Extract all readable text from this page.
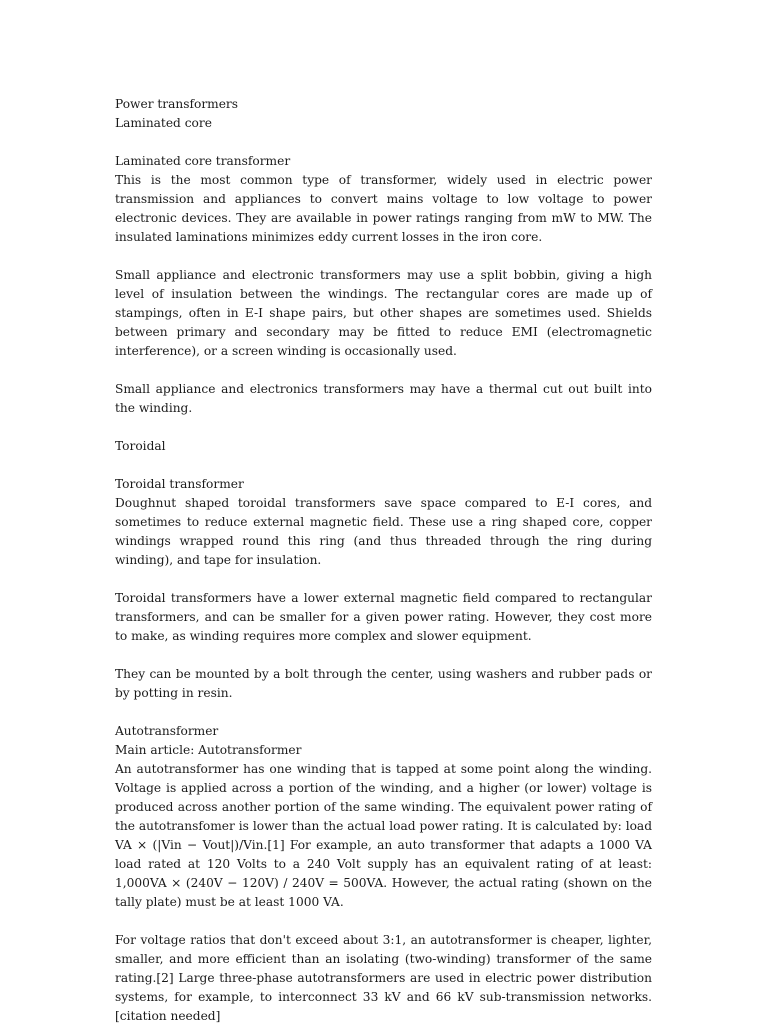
Power transformers
Laminated core
Laminated core transformer

This is the most common type of transformer, widely used in electric power transmission and appliances to convert mains voltage to low voltage to power electronic devices. They are available in power ratings ranging from mW to MW. The insulated laminations minimizes eddy current losses in the iron core.

Small appliance and electronic transformers may use a split bobbin, giving a high level of insulation between the windings. The rectangular cores are made up of stampings, often in E-I shape pairs, but other shapes are sometimes used. Shields between primary and secondary may be fitted to reduce EMI (electromagnetic interference), or a screen winding is occasionally used.

Small appliance and electronics transformers may have a thermal cut out built into the winding.

Toroidal
Toroidal transformer

Doughnut shaped toroidal transformers save space compared to E-I cores, and sometimes to reduce external magnetic field. These use a ring shaped core, copper windings wrapped round this ring (and thus threaded through the ring during winding), and tape for insulation.

Toroidal transformers have a lower external magnetic field compared to rectangular transformers, and can be smaller for a given power rating. However, they cost more to make, as winding requires more complex and slower equipment.

They can be mounted by a bolt through the center, using washers and rubber pads or by potting in resin.

Autotransformer
Main article: Autotransformer

An autotransformer has one winding that is tapped at some point along the winding. Voltage is applied across a portion of the winding, and a higher (or lower) voltage is produced across another portion of the same winding. The equivalent power rating of the autotransfomer is lower than the actual load power rating. It is calculated by: load VA × (|Vin − Vout|)/Vin.[1] For example, an auto transformer that adapts a 1000 VA load rated at 120 Volts to a 240 Volt supply has an equivalent rating of at least: 1,000VA × (240V − 120V) / 240V = 500VA. However, the actual rating (shown on the tally plate) must be at least 1000 VA.

For voltage ratios that don't exceed about 3:1, an autotransformer is cheaper, lighter, smaller, and more efficient than an isolating (two-winding) transformer of the same rating.[2] Large three-phase autotransformers are used in electric power distribution systems, for example, to interconnect 33 kV and 66 kV sub-transmission networks.[citation needed]
